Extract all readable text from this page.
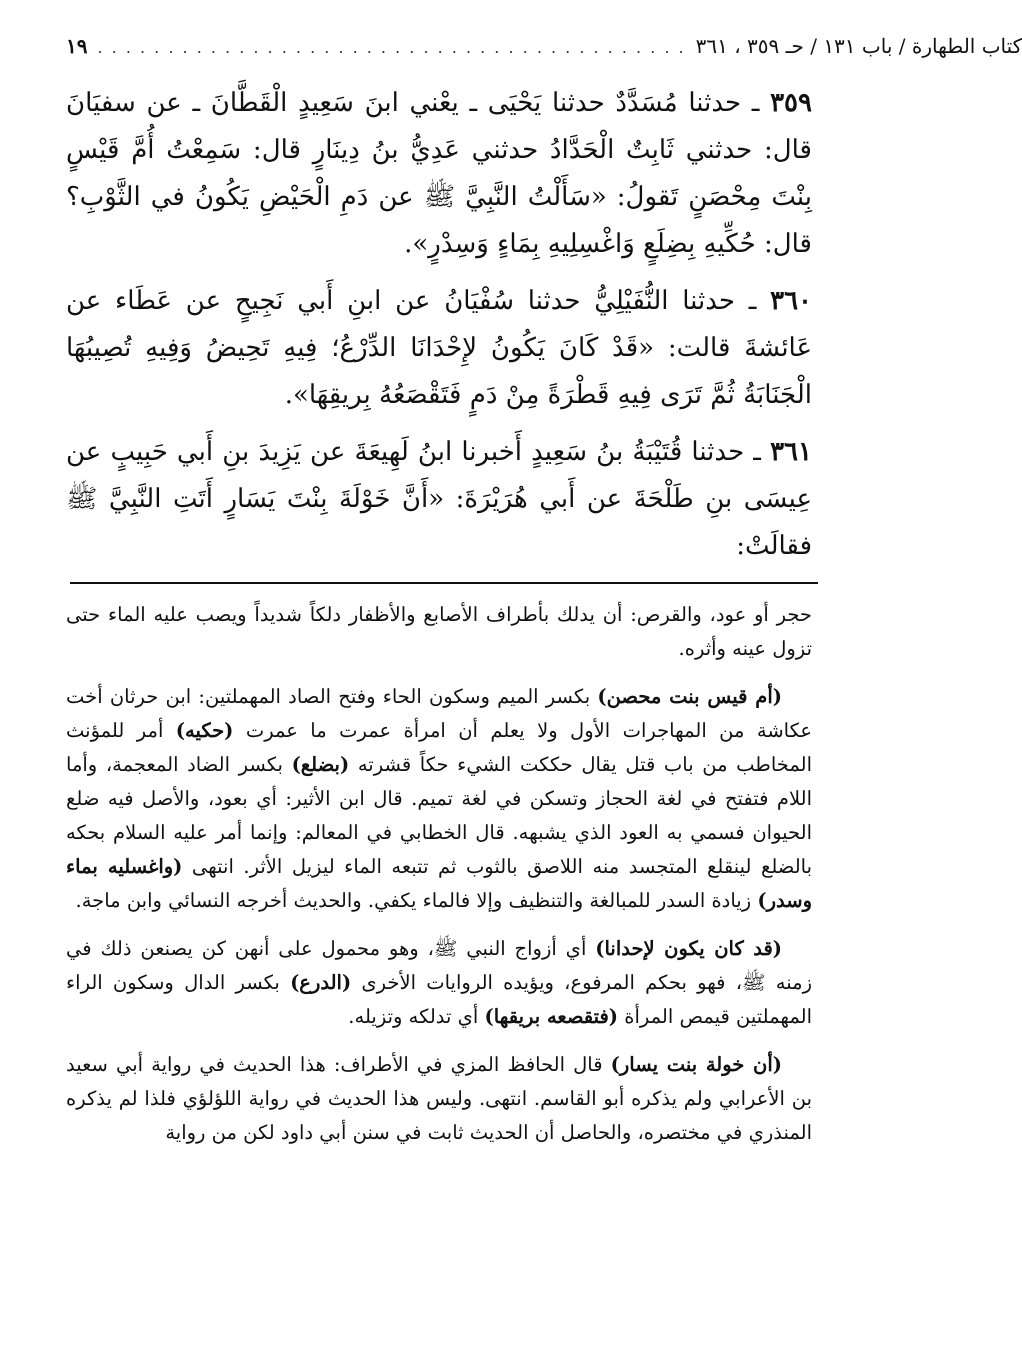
١٩ . . . . . . . . . . . . . . . . . . . . . . . . . . . . . . . . . . . . . . . . . . كتاب الطهارة / باب ١٣١ / حـ ٣٥٩ ، ٣٦١

٣٥٩ ـ حدثنا مُسَدَّدٌ حدثنا يَحْيَى ـ يعْني ابنَ سَعِيدٍ الْقَطَّانَ ـ عن سفيَانَ قال: حدثني ثَابِتٌ الْحَدَّادُ حدثني عَدِيُّ بنُ دِينَارٍ قال: سَمِعْتُ أُمَّ قَيْسٍ بِنْتَ مِحْصَنٍ تَقولُ: «سَأَلْتُ النَّبِيَّ ﷺ عن دَمِ الْحَيْضِ يَكُونُ في الثَّوْبِ؟ قال: حُكِّيهِ بِضِلَعٍ وَاغْسِلِيهِ بِمَاءٍ وَسِدْرٍ».

٣٦٠ ـ حدثنا النُّفَيْلِيُّ حدثنا سُفْيَانُ عن ابنِ أَبي نَجِيحٍ عن عَطَاء عن عَائشةَ قالت: «قَدْ كَانَ يَكُونُ لإِحْدَانَا الدِّرْعُ؛ فِيهِ تَحِيضُ وَفِيهِ تُصِيبُهَا الْجَنَابَةُ ثُمَّ تَرَى فِيهِ قَطْرَةً مِنْ دَمٍ فَتَقْصَعُهُ بِريقِهَا».

٣٦١ ـ حدثنا قُتَيْبَةُ بنُ سَعِيدٍ أَخبرنا ابنُ لَهِيعَةَ عن يَزِيدَ بنِ أَبي حَبِيبٍ عن عِيسَى بنِ طَلْحَةَ عن أَبي هُرَيْرَةَ: «أَنَّ خَوْلَةَ بِنْتَ يَسَارٍ أَتَتِ النَّبِيَّ ﷺ فقالَتْ:

حجر أو عود، والقرص: أن يدلك بأطراف الأصابع والأظفار دلكاً شديداً ويصب عليه الماء حتى تزول عينه وأثره.

(أم قيس بنت محصن) بكسر الميم وسكون الحاء وفتح الصاد المهملتين: ابن حرثان أخت عكاشة من المهاجرات الأول ولا يعلم أن امرأة عمرت ما عمرت (حكيه) أمر للمؤنث المخاطب من باب قتل يقال حككت الشيء حكاً قشرته (بضلع) بكسر الضاد المعجمة، وأما اللام فتفتح في لغة الحجاز وتسكن في لغة تميم. قال ابن الأثير: أي بعود، والأصل فيه ضلع الحيوان فسمي به العود الذي يشبهه. قال الخطابي في المعالم: وإنما أمر عليه السلام بحكه بالضلع لينقلع المتجسد منه اللاصق بالثوب ثم تتبعه الماء ليزيل الأثر. انتهى (واغسليه بماء وسدر) زيادة السدر للمبالغة والتنظيف وإلا فالماء يكفي. والحديث أخرجه النسائي وابن ماجة.

(قد كان يكون لإحدانا) أي أزواج النبي ﷺ، وهو محمول على أنهن كن يصنعن ذلك في زمنه ﷺ، فهو بحكم المرفوع، ويؤيده الروايات الأخرى (الدرع) بكسر الدال وسكون الراء المهملتين قيمص المرأة (فتقصعه بريقها) أي تدلكه وتزيله.

(أن خولة بنت يسار) قال الحافظ المزي في الأطراف: هذا الحديث في رواية أبي سعيد بن الأعرابي ولم يذكره أبو القاسم. انتهى. وليس هذا الحديث في رواية اللؤلؤي فلذا لم يذكره المنذري في مختصره، والحاصل أن الحديث ثابت في سنن أبي داود لكن من رواية
